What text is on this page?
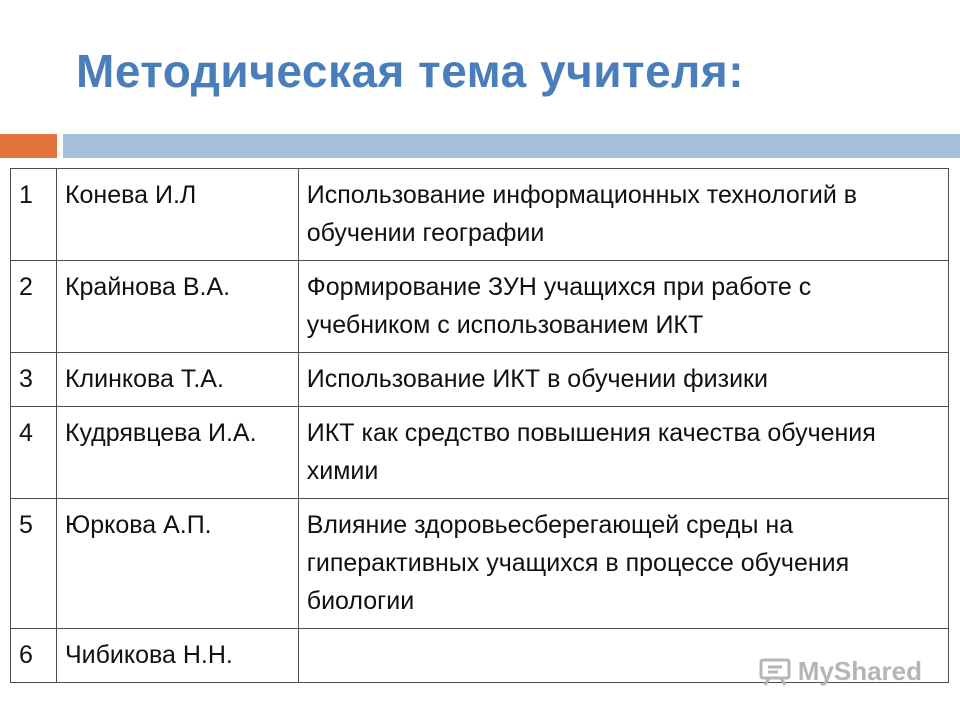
Методическая тема учителя:
1	Конева И.Л	Использование информационных технологий в обучении географии
2	Крайнова В.А.	Формирование ЗУН учащихся при работе с учебником с использованием ИКТ
3	Клинкова Т.А.	Использование ИКТ в обучении физики
4	Кудрявцева И.А.	ИКТ как средство повышения качества обучения химии
5	Юркова А.П.	Влияние здоровьесберегающей среды на гиперактивных учащихся в процессе обучения биологии
6	Чибикова Н.Н.	
MyShared
